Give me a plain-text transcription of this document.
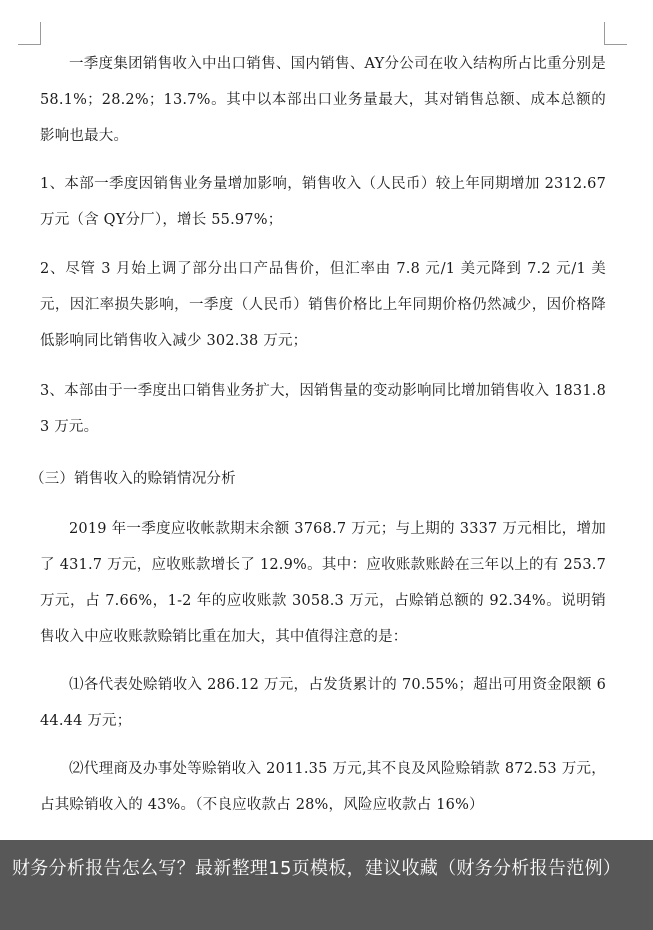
一季度集团销售收入中出口销售、国内销售、AY分公司在收入结构所占比重分别是 58.1%；28.2%；13.7%。其中以本部出口业务量最大，其对销售总额、成本总额的影响也最大。

1、本部一季度因销售业务量增加影响，销售收入（人民币）较上年同期增加 2312.67万元（含 QY分厂），增长 55.97%；

2、尽管 3 月始上调了部分出口产品售价，但汇率由 7.8 元/1 美元降到 7.2 元/1 美元，因汇率损失影响，一季度（人民币）销售价格比上年同期价格仍然减少，因价格降低影响同比销售收入减少 302.38 万元；

3、本部由于一季度出口销售业务扩大，因销售量的变动影响同比增加销售收入 1831.83 万元。

（三）销售收入的赊销情况分析

2019 年一季度应收帐款期末余额 3768.7 万元；与上期的 3337 万元相比，增加了 431.7 万元，应收账款增长了 12.9%。其中：应收账款账龄在三年以上的有 253.7 万元，占 7.66%，1-2 年的应收账款 3058.3 万元，占赊销总额的 92.34%。说明销售收入中应收账款赊销比重在加大，其中值得注意的是：

⑴各代表处赊销收入 286.12 万元，占发货累计的 70.55%；超出可用资金限额 644.44 万元；

⑵代理商及办事处等赊销收入 2011.35 万元,其不良及风险赊销款 872.53 万元，占其赊销收入的 43%。（不良应收款占 28%，风险应收款占 16%）

财务分析报告怎么写？最新整理15页模板，建议收藏（财务分析报告范例）
